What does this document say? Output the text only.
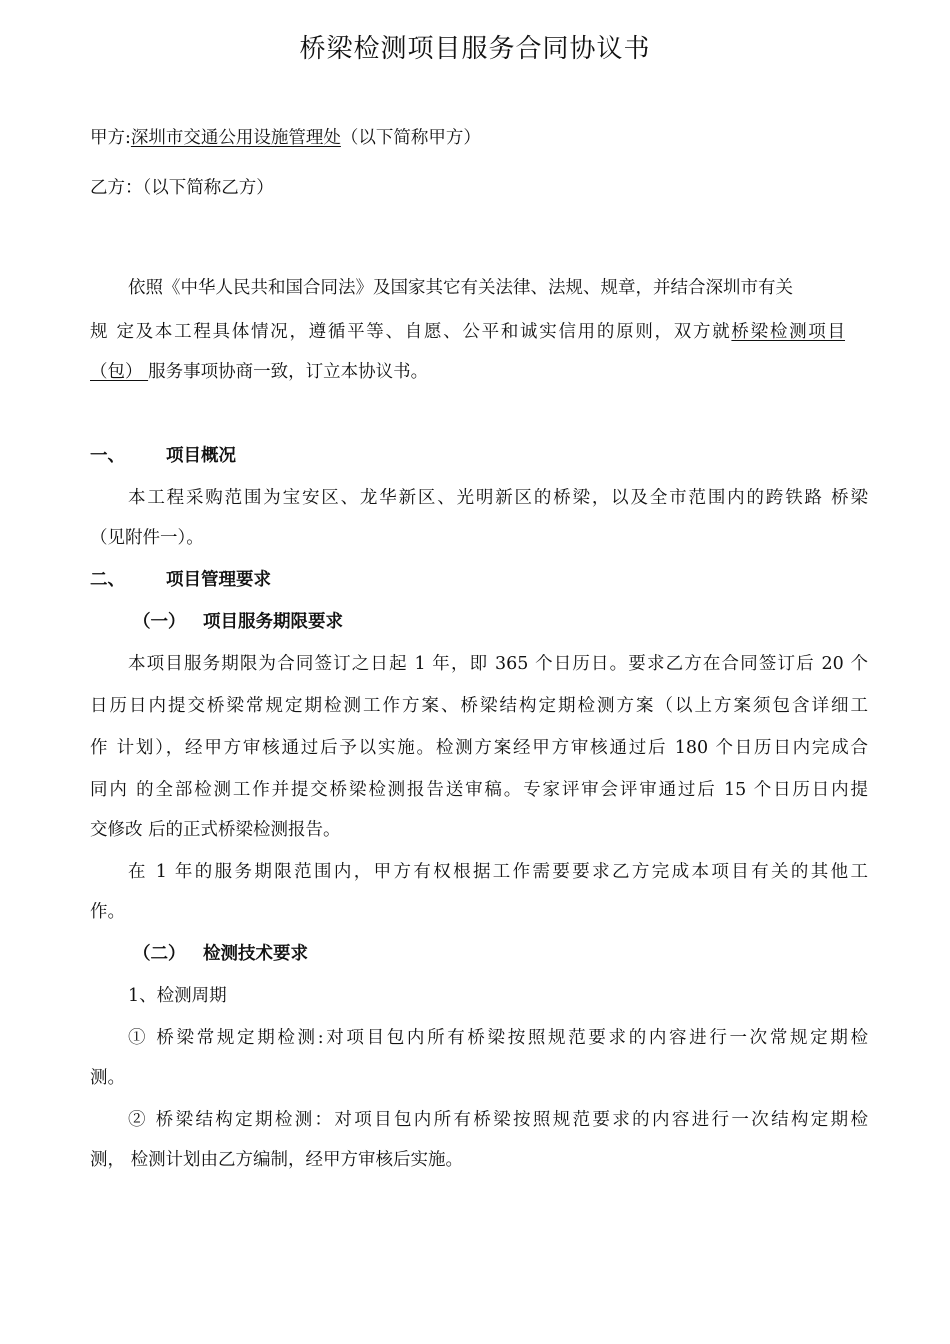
桥梁检测项目服务合同协议书
甲方:深圳市交通公用设施管理处（以下简称甲方）
乙方：（以下简称乙方）
依照《中华人民共和国合同法》及国家其它有关法律、法规、规章，并结合深圳市有关
规 定及本工程具体情况，遵循平等、自愿、公平和诚实信用的原则，双方就桥梁检测项目
（包） 服务事项协商一致，订立本协议书。
一、 项目概况
本工程采购范围为宝安区、龙华新区、光明新区的桥梁，以及全市范围内的跨铁路 桥梁
（见附件一）。
二、 项目管理要求
（一） 项目服务期限要求
本项目服务期限为合同签订之日起 1 年，即 365 个日历日。要求乙方在合同签订后 20 个
日历日内提交桥梁常规定期检测工作方案、桥梁结构定期检测方案（以上方案须包含详细工
作 计划），经甲方审核通过后予以实施。检测方案经甲方审核通过后 180 个日历日内完成合
同内 的全部检测工作并提交桥梁检测报告送审稿。专家评审会评审通过后 15 个日历日内提
交修改 后的正式桥梁检测报告。
在 1 年的服务期限范围内，甲方有权根据工作需要要求乙方完成本项目有关的其他工
作。
（二） 检测技术要求
1、检测周期
① 桥梁常规定期检测:对项目包内所有桥梁按照规范要求的内容进行一次常规定期检
测。
② 桥梁结构定期检测：对项目包内所有桥梁按照规范要求的内容进行一次结构定期检
测， 检测计划由乙方编制，经甲方审核后实施。
